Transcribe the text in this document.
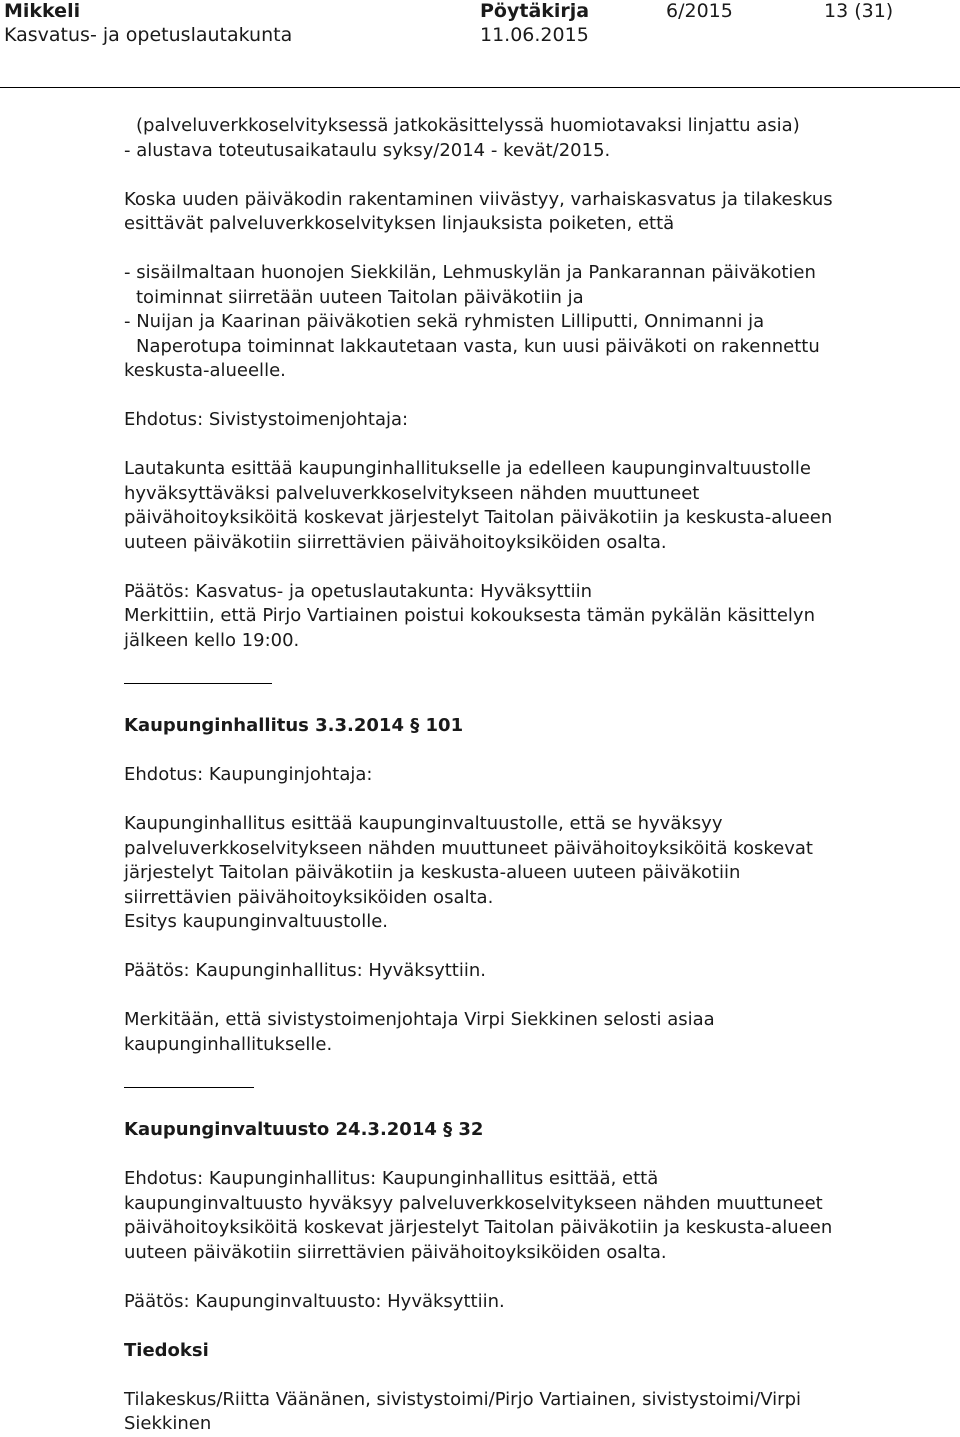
Mikkeli
Kasvatus- ja opetuslautakunta
Pöytäkirja
11.06.2015
6/2015	13 (31)

(palveluverkkoselvityksessä jatkokäsittelyssä huomiotavaksi linjattu asia)

- alustava toteutusaikataulu syksy/2014 - kevät/2015.

Koska uuden päiväkodin rakentaminen viivästyy, varhaiskasvatus ja tilakeskus

esittävät palveluverkkoselvityksen linjauksista poiketen, että

- sisäilmaltaan huonojen Siekkilän, Lehmuskylän ja Pankarannan päiväkotien

toiminnat siirretään uuteen Taitolan päiväkotiin ja

- Nuijan ja Kaarinan päiväkotien sekä ryhmisten Lilliputti, Onnimanni ja

Naperotupa toiminnat lakkautetaan vasta, kun uusi päiväkoti on rakennettu

keskusta-alueelle.

Ehdotus: Sivistystoimenjohtaja:

Lautakunta esittää kaupunginhallitukselle ja edelleen kaupunginvaltuustolle

hyväksyttäväksi palveluverkkoselvitykseen nähden muuttuneet

päivähoitoyksiköitä koskevat järjestelyt Taitolan päiväkotiin ja keskusta-alueen

uuteen päiväkotiin siirrettävien päivähoitoyksiköiden osalta.

Päätös: Kasvatus- ja opetuslautakunta: Hyväksyttiin

Merkittiin, että Pirjo Vartiainen poistui kokouksesta tämän pykälän käsittelyn

jälkeen kello 19:00.

Kaupunginhallitus 3.3.2014 § 101

Ehdotus: Kaupunginjohtaja:

Kaupunginhallitus esittää kaupunginvaltuustolle, että se hyväksyy

palveluverkkoselvitykseen nähden muuttuneet päivähoitoyksiköitä koskevat

järjestelyt Taitolan päiväkotiin ja keskusta-alueen uuteen päiväkotiin

siirrettävien päivähoitoyksiköiden osalta.

Esitys kaupunginvaltuustolle.

Päätös: Kaupunginhallitus: Hyväksyttiin.

Merkitään, että sivistystoimenjohtaja Virpi Siekkinen selosti asiaa

kaupunginhallitukselle.

Kaupunginvaltuusto 24.3.2014 § 32

Ehdotus: Kaupunginhallitus: Kaupunginhallitus esittää, että

kaupunginvaltuusto hyväksyy palveluverkkoselvitykseen nähden muuttuneet

päivähoitoyksiköitä koskevat järjestelyt Taitolan päiväkotiin ja keskusta-alueen

uuteen päiväkotiin siirrettävien päivähoitoyksiköiden osalta.

Päätös: Kaupunginvaltuusto: Hyväksyttiin.

Tiedoksi

Tilakeskus/Riitta Väänänen, sivistystoimi/Pirjo Vartiainen, sivistystoimi/Virpi

Siekkinen
